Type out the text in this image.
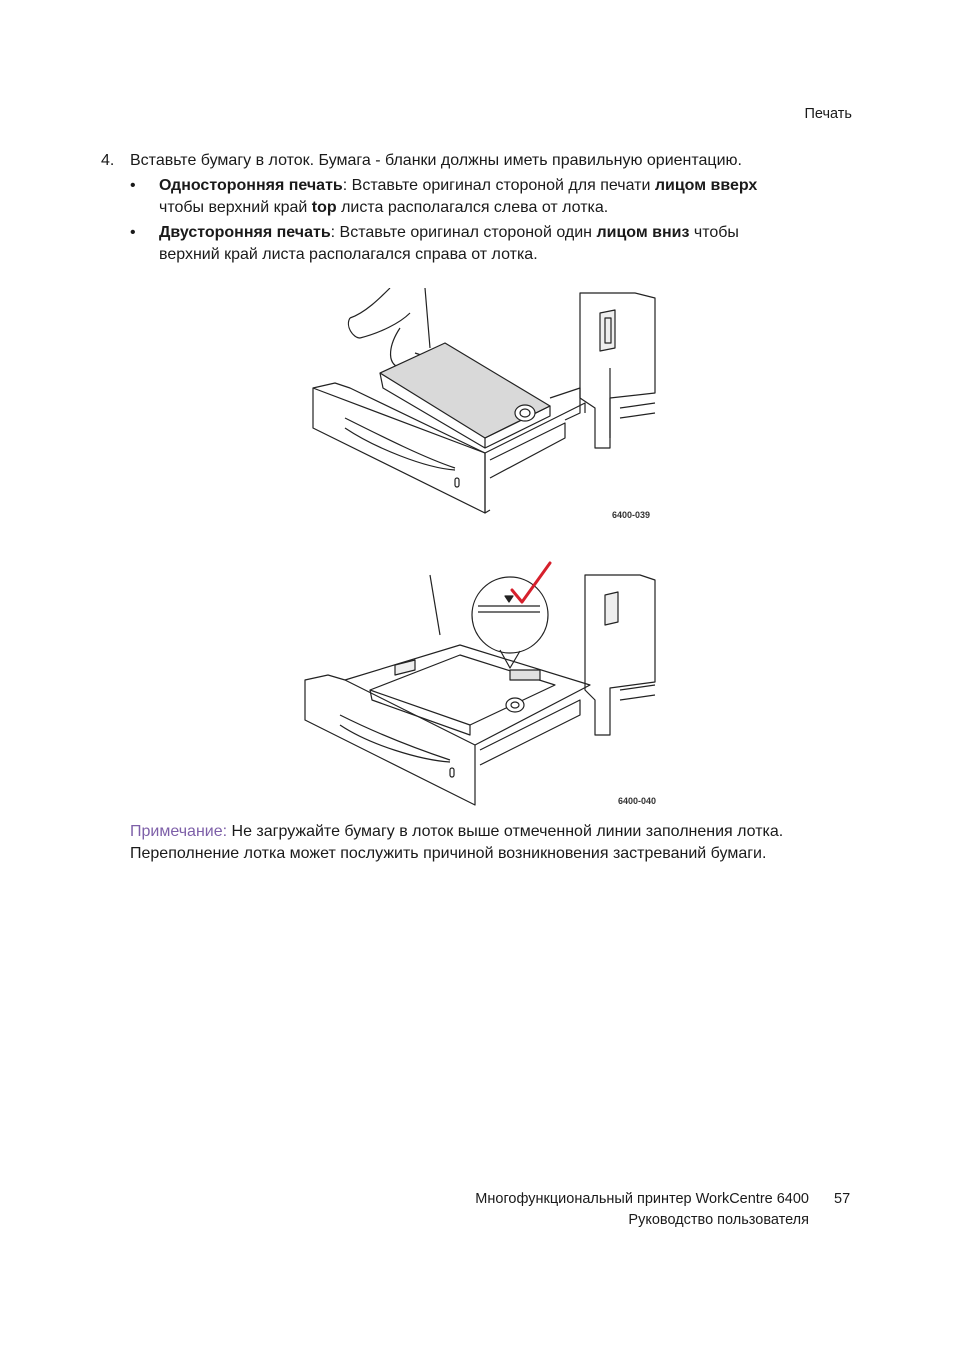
Печать
4. Вставьте бумагу в лоток. Бумага - бланки должны иметь правильную ориентацию.
• Односторонняя печать: Вставьте оригинал стороной для печати лицом вверх
чтобы верхний край top листа располагался слева от лотка.
• Двусторонняя печать: Вставьте оригинал стороной один лицом вниз чтобы
верхний край листа располагался справа от лотка.
6400-039
6400-040
Примечание: Не загружайте бумагу в лоток выше отмеченной линии заполнения лотка.
Переполнение лотка может послужить причиной возникновения застреваний бумаги.
Многофункциональный принтер WorkCentre 6400
Руководство пользователя
57
